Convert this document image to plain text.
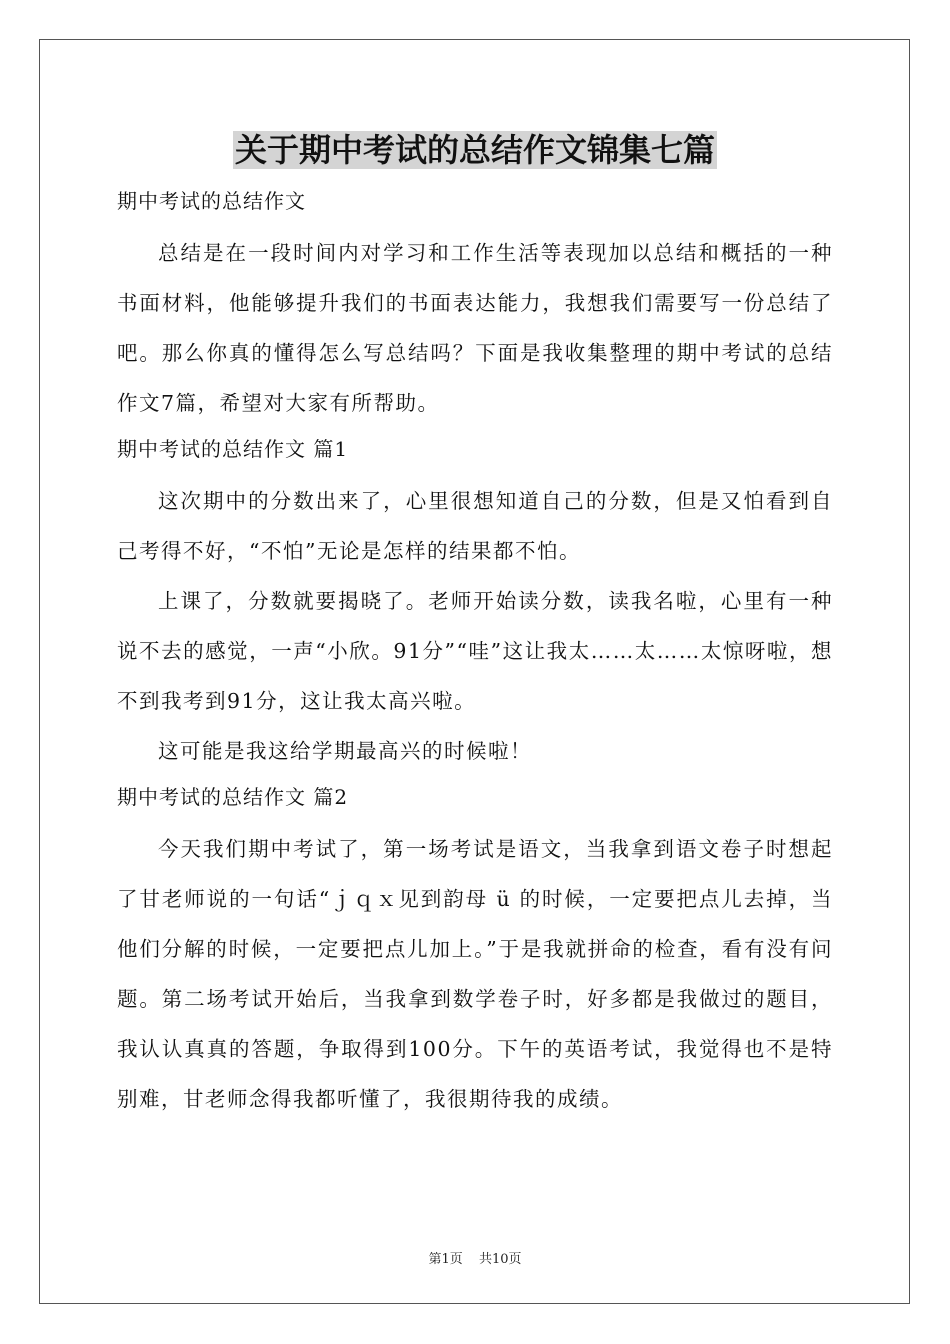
关于期中考试的总结作文锦集七篇
期中考试的总结作文

总结是在一段时间内对学习和工作生活等表现加以总结和概括的一种书面材料，他能够提升我们的书面表达能力，我想我们需要写一份总结了吧。那么你真的懂得怎么写总结吗？下面是我收集整理的期中考试的总结作文7篇，希望对大家有所帮助。

期中考试的总结作文 篇1

这次期中的分数出来了，心里很想知道自己的分数，但是又怕看到自己考得不好，“不怕”无论是怎样的结果都不怕。

上课了，分数就要揭晓了。老师开始读分数，读我名啦，心里有一种说不去的感觉，一声“小欣。91分”“哇”这让我太……太……太惊呀啦，想不到我考到91分，这让我太高兴啦。

这可能是我这给学期最高兴的时候啦！

期中考试的总结作文 篇2

今天我们期中考试了，第一场考试是语文，当我拿到语文卷子时想起了甘老师说的一句话“ｊｑｘ见到韵母 ü 的时候，一定要把点儿去掉，当他们分解的时候，一定要把点儿加上。”于是我就拼命的检查，看有没有问题。第二场考试开始后，当我拿到数学卷子时，好多都是我做过的题目，我认认真真的答题，争取得到100分。下午的英语考试，我觉得也不是特别难，甘老师念得我都听懂了，我很期待我的成绩。

第1页 共10页
